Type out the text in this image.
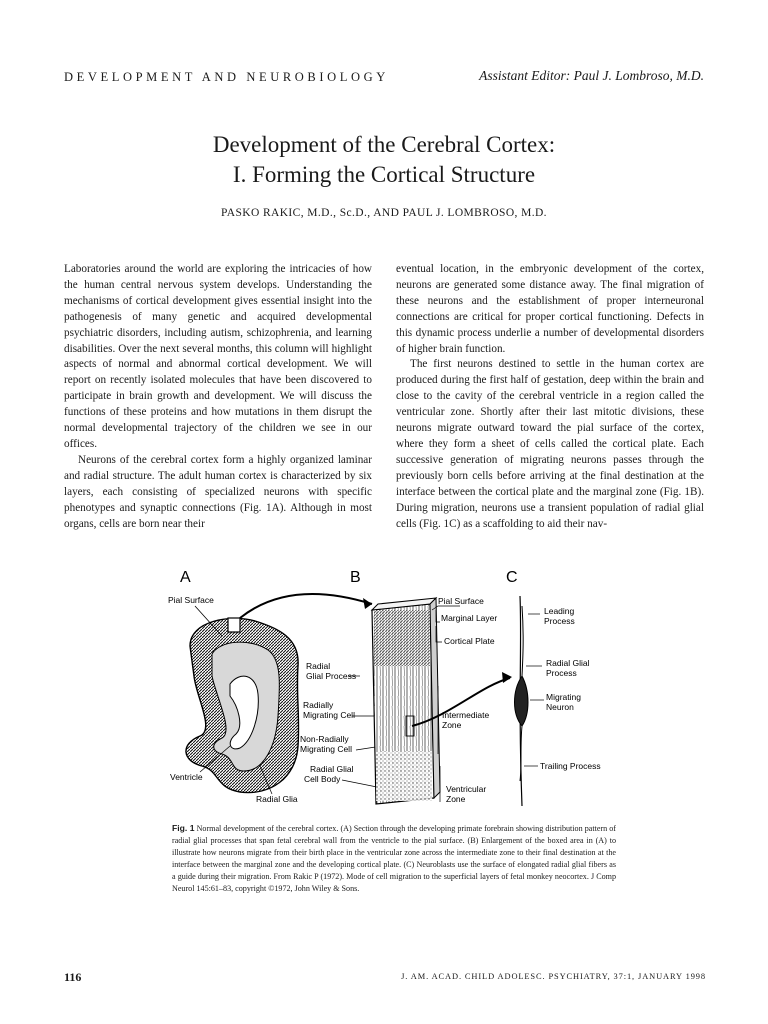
DEVELOPMENT AND NEUROBIOLOGY	Assistant Editor: Paul J. Lombroso, M.D.
Development of the Cerebral Cortex:
I. Forming the Cortical Structure
PASKO RAKIC, M.D., Sc.D., AND PAUL J. LOMBROSO, M.D.

Laboratories around the world are exploring the intricacies of how the human central nervous system develops. Understanding the mechanisms of cortical development gives essential insight into the pathogenesis of many genetic and acquired developmental psychiatric disorders, including autism, schizophrenia, and learning disabilities. Over the next several months, this column will highlight aspects of normal and abnormal cortical development. We will report on recently isolated molecules that have been discovered to participate in brain growth and development. We will discuss the functions of these proteins and how mutations in them disrupt the normal developmental trajectory of the children we see in our offices.

Neurons of the cerebral cortex form a highly organized laminar and radial structure. The adult human cortex is characterized by six layers, each consisting of specialized neurons with specific phenotypes and synaptic connections (Fig. 1A). Although in most organs, cells are born near their

eventual location, in the embryonic development of the cortex, neurons are generated some distance away. The final migration of these neurons and the establishment of proper interneuronal connections are critical for proper cortical functioning. Defects in this dynamic process underlie a number of developmental disorders of higher brain function.

The first neurons destined to settle in the human cortex are produced during the first half of gestation, deep within the brain and close to the cavity of the cerebral ventricle in a region called the ventricular zone. Shortly after their last mitotic divisions, these neurons migrate outward toward the pial surface of the cortex, where they form a sheet of cells called the cortical plate. Each successive generation of migrating neurons passes through the previously born cells before arriving at the final destination at the interface between the cortical plate and the marginal zone (Fig. 1B). During migration, neurons use a transient population of radial glial cells (Fig. 1C) as a scaffolding to aid their nav-

A	B	C
Pial Surface
Radial Glial Process
Radially Migrating Cell
Non-Radially Migrating Cell
Radial Glial Cell Body
Ventricle
Radial Glia
Pial Surface
Marginal Layer
Cortical Plate
Intermediate Zone
Ventricular Zone
Leading Process
Radial Glial Process
Migrating Neuron
Trailing Process
Fig. 1 Normal development of the cerebral cortex. (A) Section through the developing primate forebrain showing distribution pattern of radial glial processes that span fetal cerebral wall from the ventricle to the pial surface. (B) Enlargement of the boxed area in (A) to illustrate how neurons migrate from their birth place in the ventricular zone across the intermediate zone to their final destination at the interface between the marginal zone and the developing cortical plate. (C) Neuroblasts use the surface of elongated radial glial fibers as a guide during their migration. From Rakic P (1972). Mode of cell migration to the superficial layers of fetal monkey neocortex. J Comp Neurol 145:61–83, copyright ©1972, John Wiley & Sons.
116	J. AM. ACAD. CHILD ADOLESC. PSYCHIATRY, 37:1, JANUARY 1998
